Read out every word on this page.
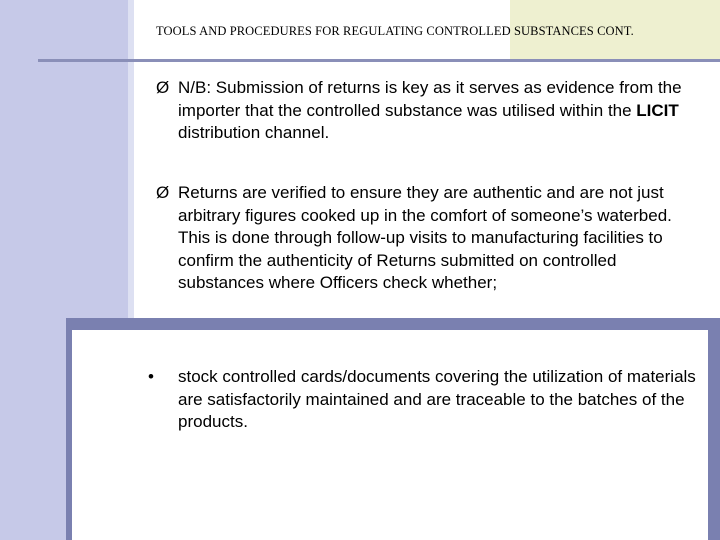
TOOLS AND PROCEDURES FOR REGULATING CONTROLLED SUBSTANCES CONT.
Ø N/B: Submission of returns is key as it serves as evidence from the importer that the controlled substance was utilised within the LICIT distribution channel.
Ø Returns are verified to ensure they are authentic and are not just arbitrary figures cooked up in the comfort of someone’s waterbed.
This is done through follow-up visits to manufacturing facilities to confirm the authenticity of Returns submitted on controlled substances where Officers check whether;
•	stock controlled cards/documents covering the utilization of materials are satisfactorily maintained and are traceable to the batches of the products.
